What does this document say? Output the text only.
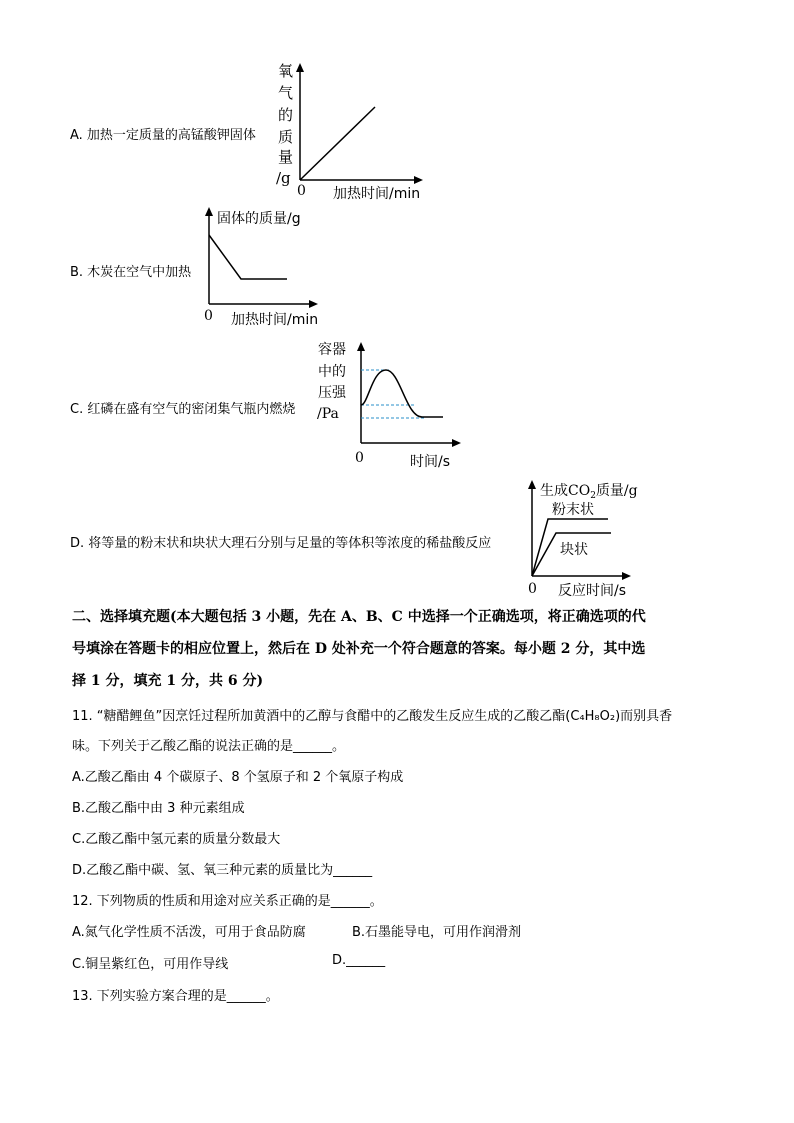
A. 加热一定质量的高锰酸钾固体
氧
气
的
质
量
/g
0 加热时间/min
B. 木炭在空气中加热
固体的质量/g
0 加热时间/min
C. 红磷在盛有空气的密闭集气瓶内燃烧
容器
中的
压强
/Pa
0	时间/s
D. 将等量的粉末状和块状大理石分别与足量的等体积等浓度的稀盐酸反应
生成$CO_2$质量/g
粉末状
块状
0 反应时间/s
二、选择填充题(本大题包括 3 小题，先在 A、B、C 中选择一个正确选项，将正确选项的代
号填涂在答题卡的相应位置上，然后在 D 处补充一个符合题意的答案。每小题 2 分，其中选
择 1 分，填充 1 分，共 6 分)
11. “糖醋鲤鱼”因烹饪过程所加黄酒中的乙醇与食醋中的乙酸发生反应生成的乙酸乙酯(C₄H₈O₂)而别具香
味。下列关于乙酸乙酯的说法正确的是______。
A.乙酸乙酯由 4 个碳原子、8 个氢原子和 2 个氧原子构成
B.乙酸乙酯中由 3 种元素组成
C.乙酸乙酯中氢元素的质量分数最大
D.乙酸乙酯中碳、氢、氧三种元素的质量比为______
12. 下列物质的性质和用途对应关系正确的是______。
A.氮气化学性质不活泼，可用于食品防腐	B.石墨能导电，可用作润滑剂
C.铜呈紫红色，可用作导线	D.______
13. 下列实验方案合理的是______。
